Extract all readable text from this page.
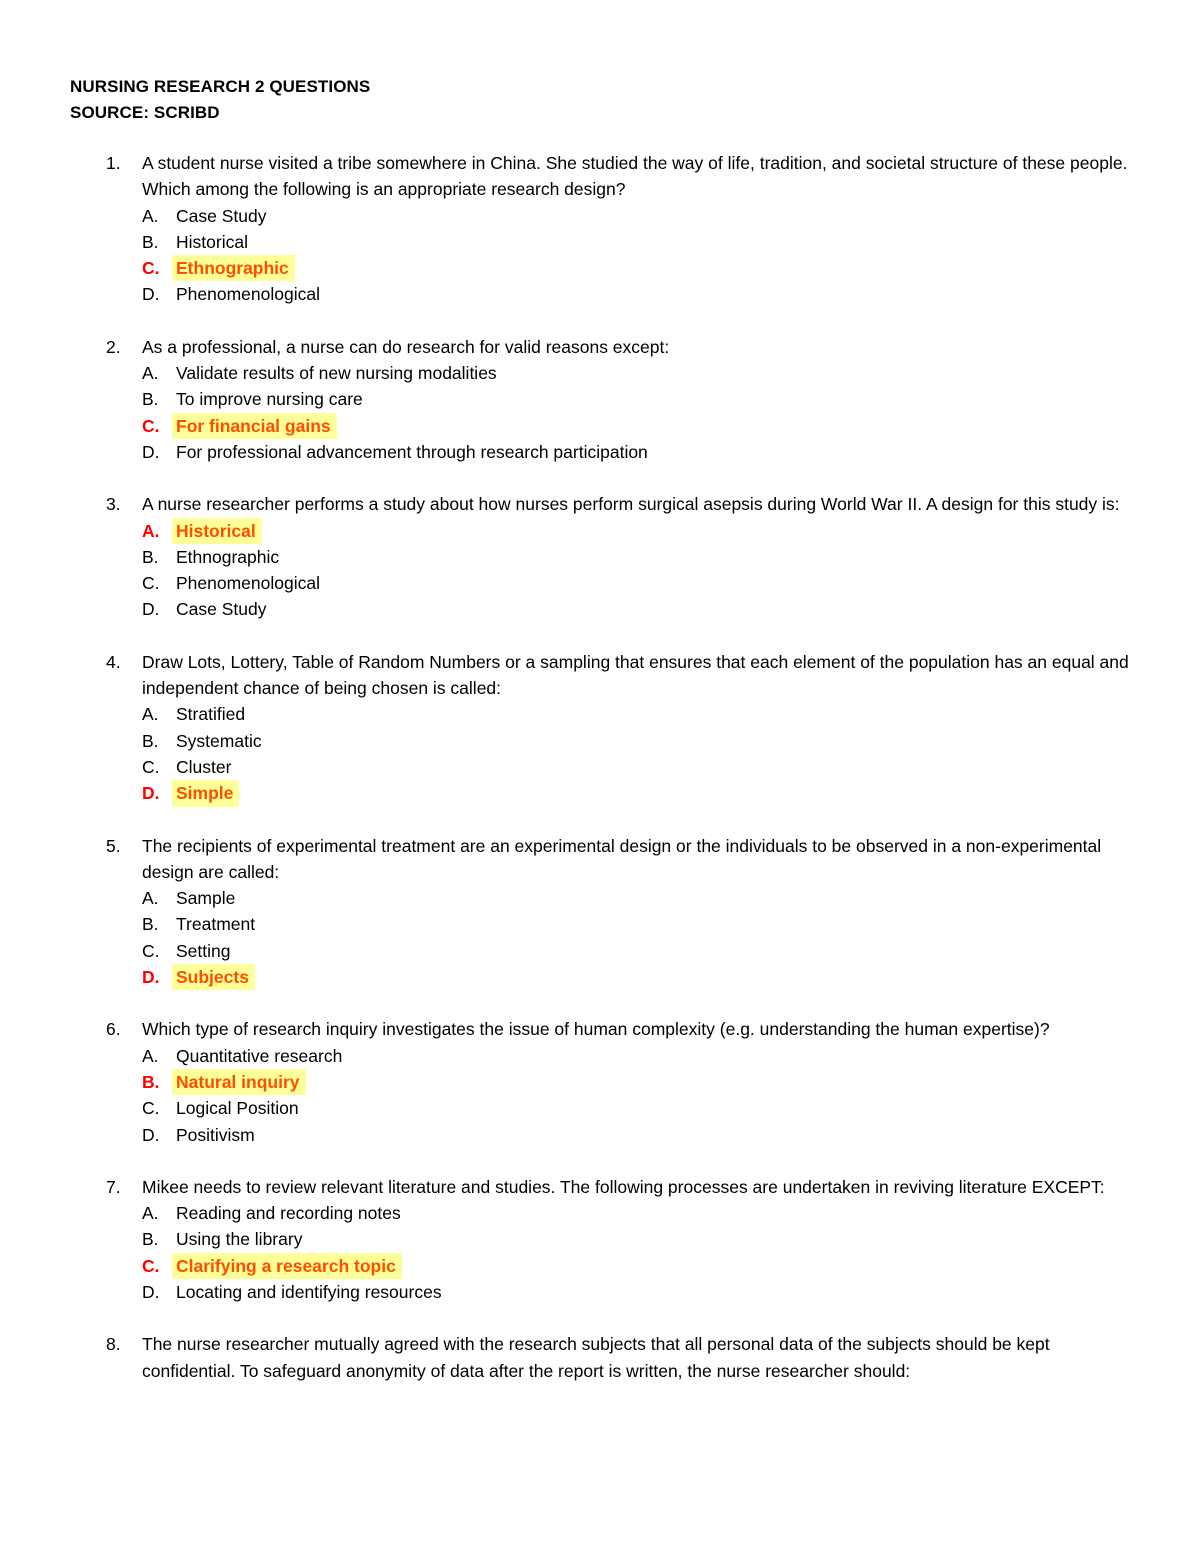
NURSING RESEARCH 2 QUESTIONS
SOURCE: SCRIBD
1. A student nurse visited a tribe somewhere in China. She studied the way of life, tradition, and societal structure of these people. Which among the following is an appropriate research design?
A. Case Study
B. Historical
C. Ethnographic
D. Phenomenological
2. As a professional, a nurse can do research for valid reasons except:
A. Validate results of new nursing modalities
B. To improve nursing care
C. For financial gains
D. For professional advancement through research participation
3. A nurse researcher performs a study about how nurses perform surgical asepsis during World War II. A design for this study is:
A. Historical
B. Ethnographic
C. Phenomenological
D. Case Study
4. Draw Lots, Lottery, Table of Random Numbers or a sampling that ensures that each element of the population has an equal and independent chance of being chosen is called:
A. Stratified
B. Systematic
C. Cluster
D. Simple
5. The recipients of experimental treatment are an experimental design or the individuals to be observed in a non-experimental design are called:
A. Sample
B. Treatment
C. Setting
D. Subjects
6. Which type of research inquiry investigates the issue of human complexity (e.g. understanding the human expertise)?
A. Quantitative research
B. Natural inquiry
C. Logical Position
D. Positivism
7. Mikee needs to review relevant literature and studies. The following processes are undertaken in reviving literature EXCEPT:
A. Reading and recording notes
B. Using the library
C. Clarifying a research topic
D. Locating and identifying resources
8. The nurse researcher mutually agreed with the research subjects that all personal data of the subjects should be kept confidential. To safeguard anonymity of data after the report is written, the nurse researcher should:
